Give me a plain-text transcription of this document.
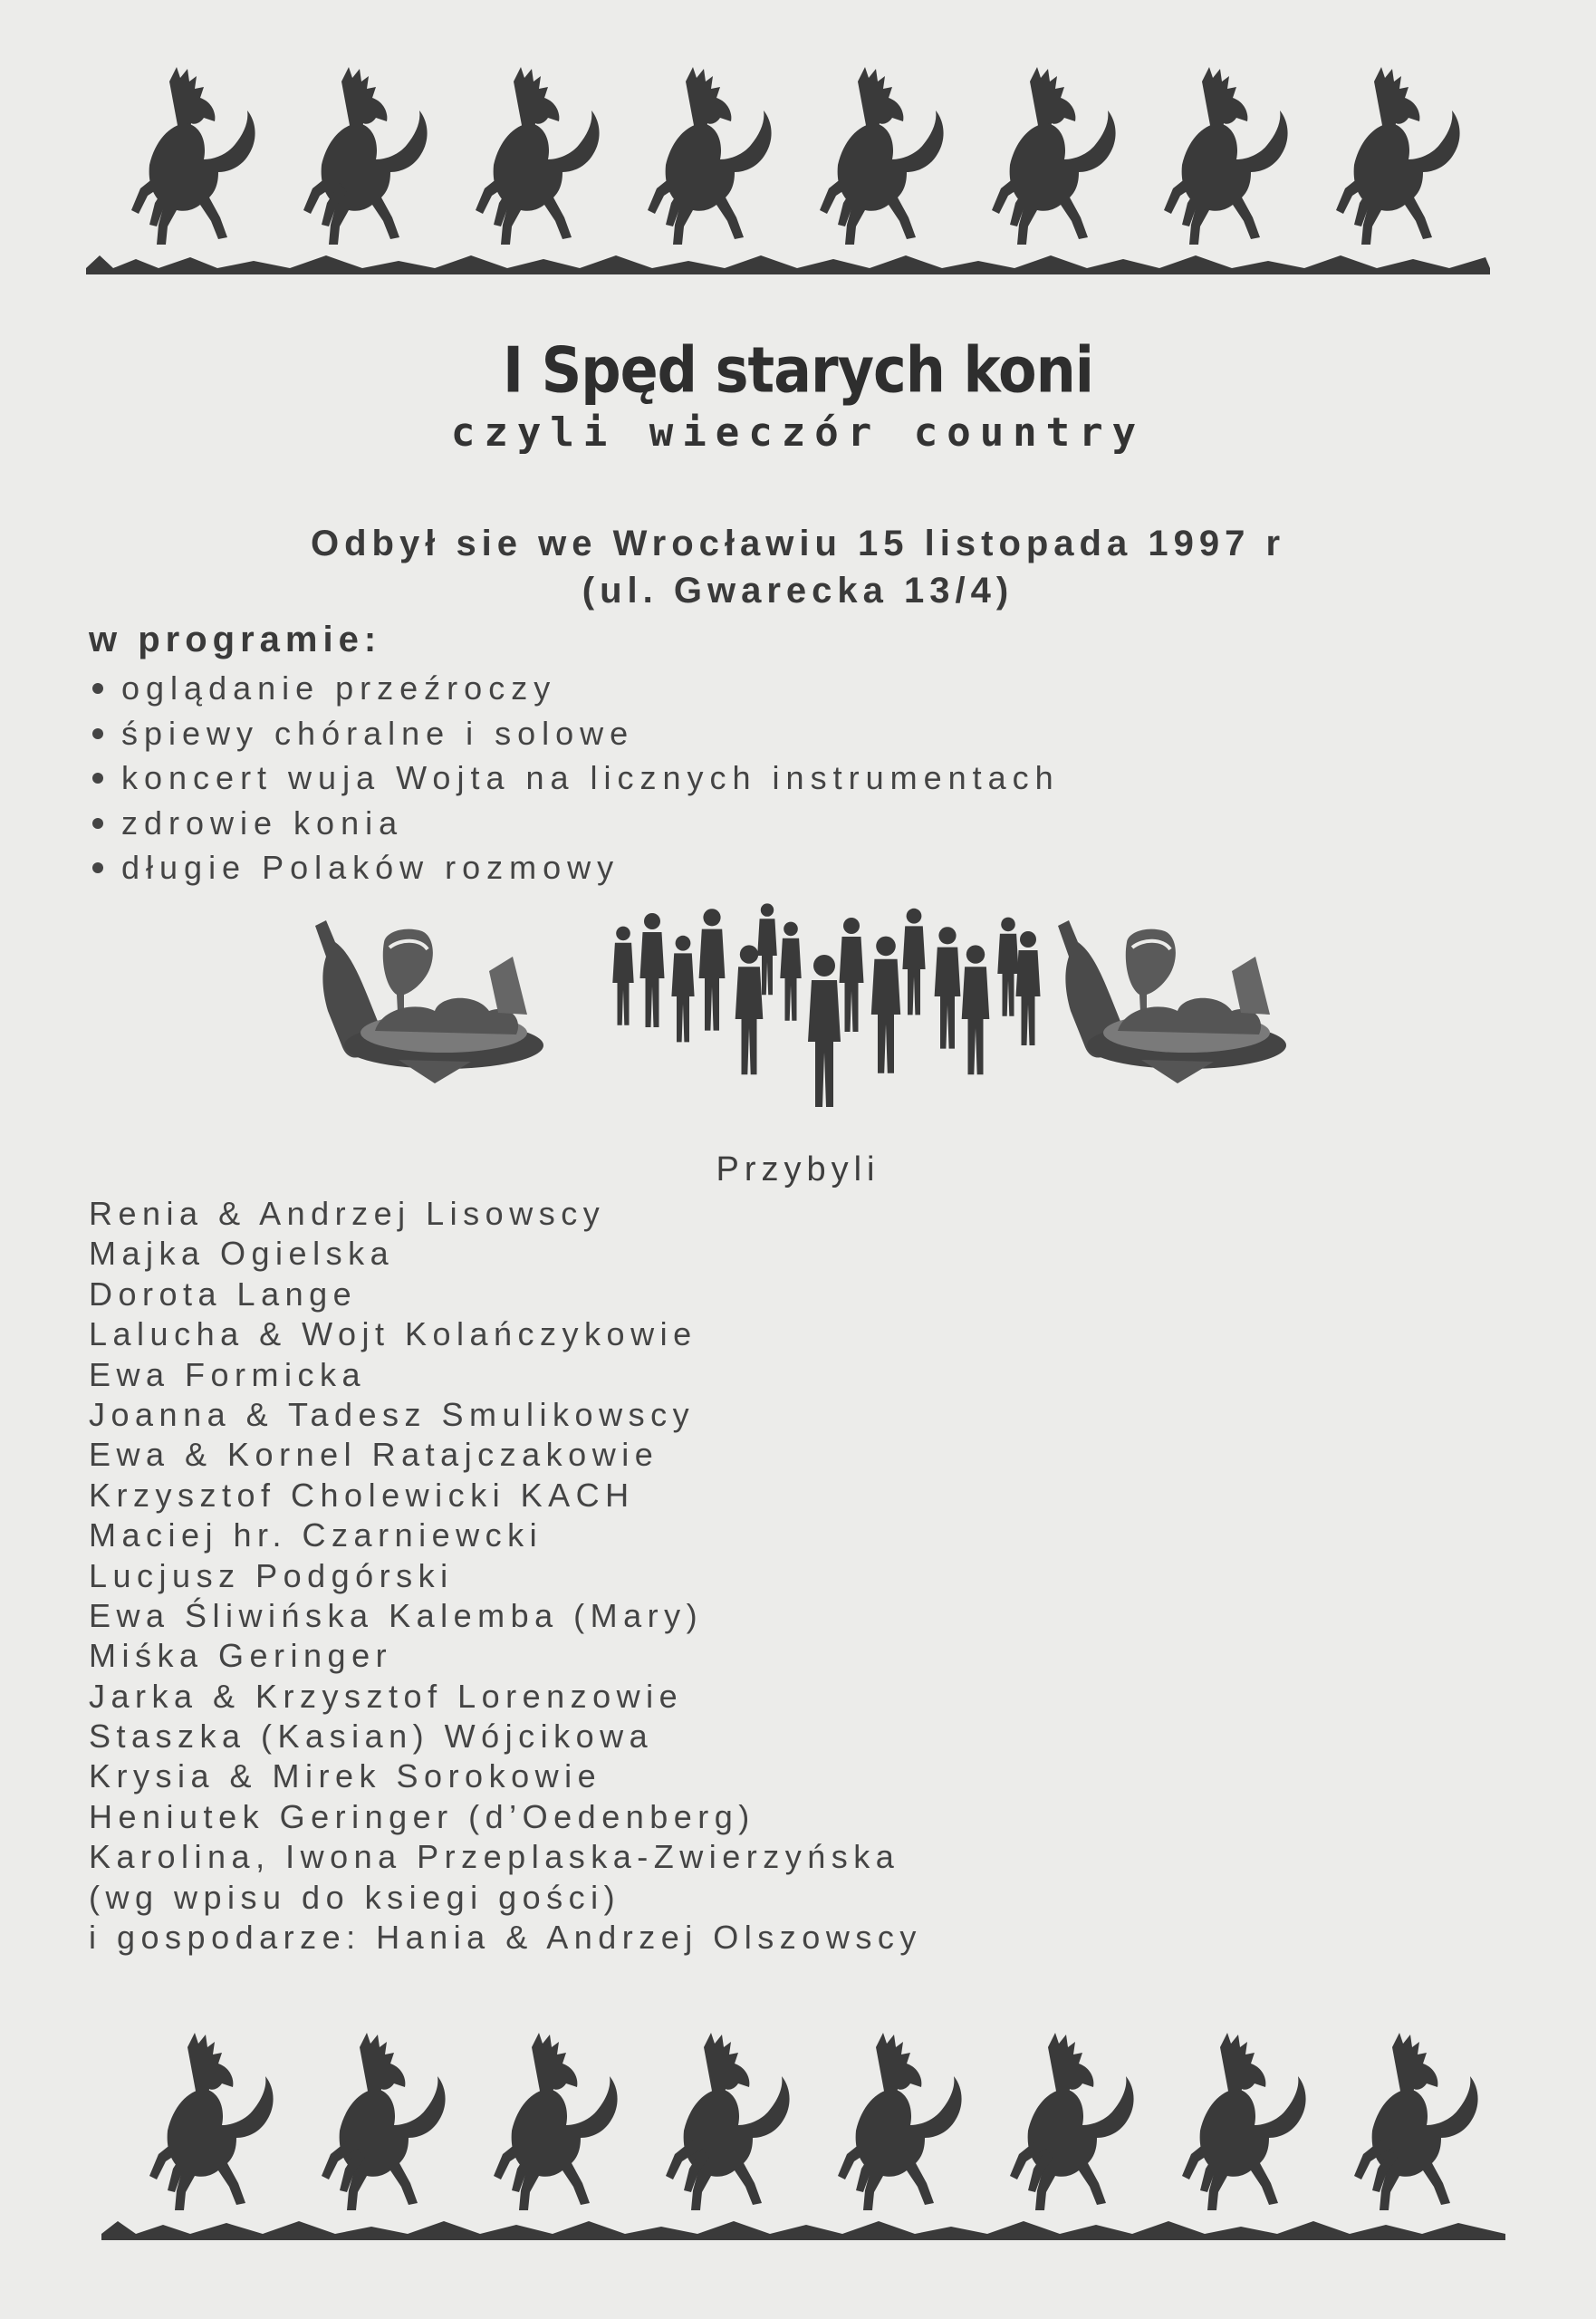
I Spęd starych koni
czyli wieczór country
Odbył sie we Wrocławiu 15 listopada 1997 r
(ul. Gwarecka 13/4)
w programie:
oglądanie przeźroczy
śpiewy chóralne i solowe
koncert wuja Wojta na licznych instrumentach
zdrowie konia
długie Polaków rozmowy
Przybyli
Renia & Andrzej Lisowscy
Majka Ogielska
Dorota Lange
Lalucha & Wojt Kolańczykowie
Ewa Formicka
Joanna & Tadesz Smulikowscy
Ewa & Kornel Ratajczakowie
Krzysztof Cholewicki KACH
Maciej hr. Czarniewcki
Lucjusz Podgórski
Ewa Śliwińska Kalemba (Mary)
Miśka Geringer
Jarka & Krzysztof Lorenzowie
Staszka (Kasian) Wójcikowa
Krysia & Mirek Sorokowie
Heniutek Geringer (d’Oedenberg)
Karolina, Iwona Przeplaska-Zwierzyńska
(wg wpisu do ksiegi gości)
i gospodarze: Hania & Andrzej Olszowscy
